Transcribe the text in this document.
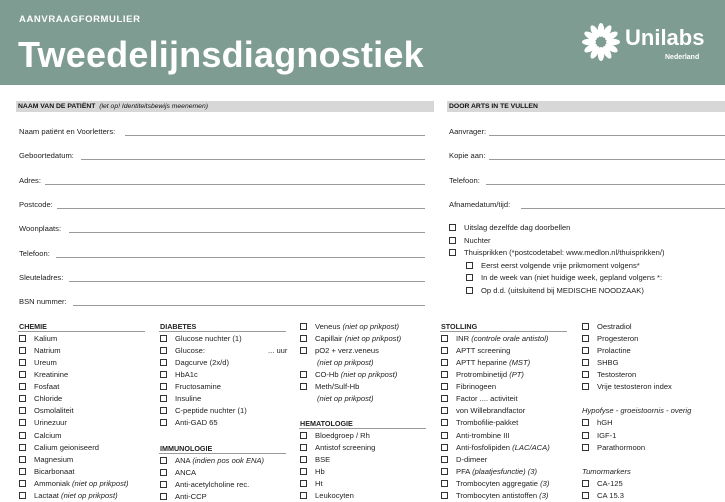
AANVRAAGFORMULIER
Tweedelijnsdiagnostiek	Unilabs
Nederland
NAAM VAN DE PATIËNT (let op! Identiteitsbewijs meenemen)
Naam patiënt en Voorletters:
Geboortedatum:
Adres:
Postcode:
Woonplaats:
Telefoon:
Sleuteladres:
BSN nummer:
DOOR ARTS IN TE VULLEN
Aanvrager:
Kopie aan:
Telefoon:
Afnamedatum/tijd:
Uitslag dezelfde dag doorbellen
Nuchter
Thuisprikken (*postcodetabel: www.medlon.nl/thuisprikken/)
Eerst eerst volgende vrije prikmoment volgens*
In de week van (niet huidige week, gepland volgens *:
Op d.d. (uitsluitend bij MEDISCHE NOODZAAK)
CHEMIE
Kalium
Natrium
Ureum
Kreatinine
Fosfaat
Chloride
Osmolaliteit
Urinezuur
Calcium
Calium geioniseerd
Magnesium
Bicarbonaat
Ammoniak (niet op prikpost)
Lactaat (niet op prikpost)
DIABETES
Glucose nuchter (1)
Glucose:	... uur
Dagcurve (2x/d)
HbA1c
Fructosamine
Insuline
C-peptide nuchter (1)
Anti-GAD 65
IMMUNOLOGIE
ANA (indien pos ook ENA)
ANCA
Anti-acetylcholine rec.
Anti-CCP
Veneus (niet op prikpost)
Capillair (niet op prikpost)
pO2 + verz.veneus
(niet op prikpost)
CO-Hb (niet op prikpost)
Meth/Sulf-Hb
(niet op prikpost)
HEMATOLOGIE
Bloedgroep / Rh
Antistof screening
BSE
Hb
Ht
Leukocyten
STOLLING
INR (controle orale antistol)
APTT screening
APTT heparine (MST)
Protrombinetijd (PT)
Fibrinogeen
Factor .... activiteit
von Willebrandfactor
Trombofilie-pakket
Anti-trombine III
Anti-fosfolipiden (LAC/ACA)
D-dimeer
PFA (plaatjesfunctie) (3)
Trombocyten aggregatie (3)
Trombocyten antistoffen (3)
Oestradiol
Progesteron
Prolactine
SHBG
Testosteron
Vrije testosteron index
Hypofyse - groeistoornis - overig
hGH
IGF-1
Parathormoon
Tumormarkers
CA-125
CA 15.3
